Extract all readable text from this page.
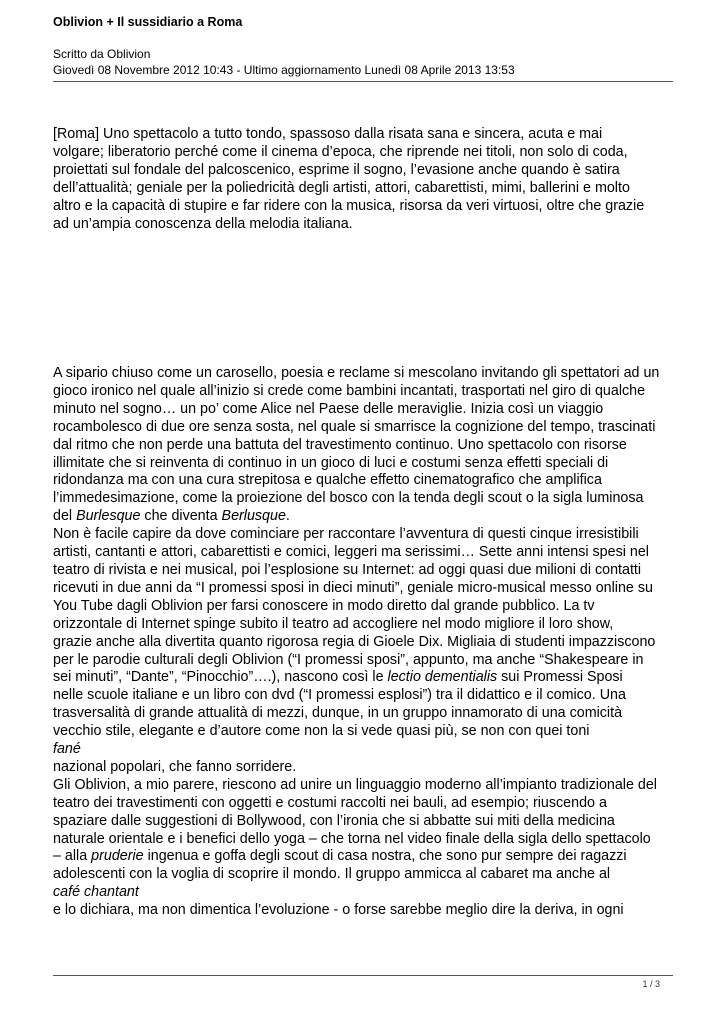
Oblivion + Il sussidiario a Roma
Scritto da Oblivion
Giovedì 08 Novembre 2012 10:43 - Ultimo aggiornamento Lunedì 08 Aprile 2013 13:53
[Roma] Uno spettacolo a tutto tondo, spassoso dalla risata sana e sincera, acuta e mai
volgare; liberatorio perché come il cinema d’epoca, che riprende nei titoli, non solo di coda,
proiettati sul fondale del palcoscenico, esprime il sogno, l’evasione anche quando è satira
dell’attualità; geniale per la poliedricità degli artisti, attori, cabarettisti, mimi, ballerini e molto
altro e la capacità di stupire e far ridere con la musica, risorsa da veri virtuosi, oltre che grazie
ad un’ampia conoscenza della melodia italiana.
A sipario chiuso come un carosello, poesia e reclame si mescolano invitando gli spettatori ad un
gioco ironico nel quale all’inizio si crede come bambini incantati, trasportati nel giro di qualche
minuto nel sogno… un po’ come Alice nel Paese delle meraviglie. Inizia così un viaggio
rocambolesco di due ore senza sosta, nel quale si smarrisce la cognizione del tempo, trascinati
dal ritmo che non perde una battuta del travestimento continuo. Uno spettacolo con risorse
illimitate che si reinventa di continuo in un gioco di luci e costumi senza effetti speciali di
ridondanza ma con una cura strepitosa e qualche effetto cinematografico che amplifica
l’immedesimazione, come la proiezione del bosco con la tenda degli scout o la sigla luminosa
del Burlesque che diventa Berlusque.
Non è facile capire da dove cominciare per raccontare l’avventura di questi cinque irresistibili
artisti, cantanti e attori, cabarettisti e comici, leggeri ma serissimi… Sette anni intensi spesi nel
teatro di rivista e nei musical, poi l’esplosione su Internet: ad oggi quasi due milioni di contatti
ricevuti in due anni da “I promessi sposi in dieci minuti”, geniale micro-musical messo online su
You Tube dagli Oblivion per farsi conoscere in modo diretto dal grande pubblico. La tv
orizzontale di Internet spinge subito il teatro ad accogliere nel modo migliore il loro show,
grazie anche alla divertita quanto rigorosa regia di Gioele Dix. Migliaia di studenti impazziscono
per le parodie culturali degli Oblivion (“I promessi sposi”, appunto, ma anche “Shakespeare in
sei minuti”, “Dante”, “Pinocchio”….), nascono così le lectio dementialis sui Promessi Sposi
nelle scuole italiane e un libro con dvd (“I promessi esplosi”) tra il didattico e il comico. Una
trasversalità di grande attualità di mezzi, dunque, in un gruppo innamorato di una comicità
vecchio stile, elegante e d’autore come non la si vede quasi più, se non con quei toni
fané
nazional popolari, che fanno sorridere.
Gli Oblivion, a mio parere, riescono ad unire un linguaggio moderno all’impianto tradizionale del
teatro dei travestimenti con oggetti e costumi raccolti nei bauli, ad esempio; riuscendo a
spaziare dalle suggestioni di Bollywood, con l’ironia che si abbatte sui miti della medicina
naturale orientale e i benefici dello yoga – che torna nel video finale della sigla dello spettacolo
– alla pruderie ingenua e goffa degli scout di casa nostra, che sono pur sempre dei ragazzi
adolescenti con la voglia di scoprire il mondo. Il gruppo ammicca al cabaret ma anche al
café chantant
e lo dichiara, ma non dimentica l’evoluzione - o forse sarebbe meglio dire la deriva, in ogni
1 / 3
